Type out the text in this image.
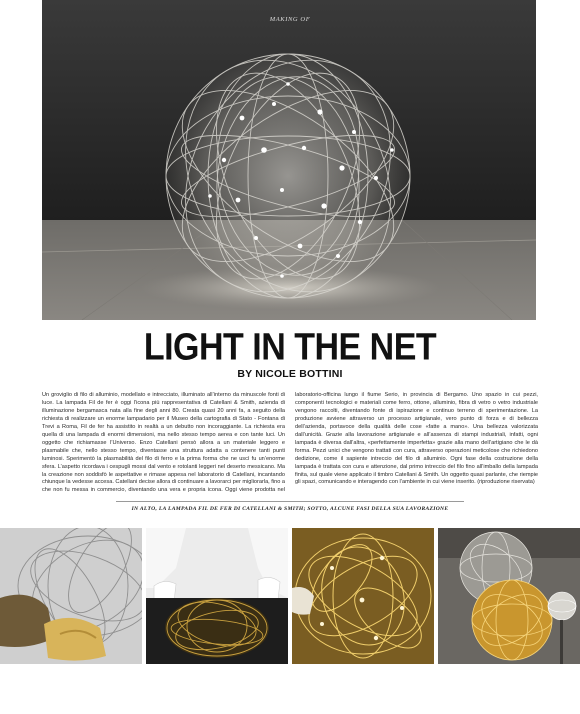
MAKING OF
LIGHT IN THE NET
BY NICOLE BOTTINI

Un groviglio di filo di alluminio, modellato e intrecciato, illuminato all’interno da minuscole fonti di luce. La lampada Fil de fer è oggi l’icona più rappresentativa di Catellani & Smith, azienda di illuminazione bergamasca nata alla fine degli anni 80. Creata quasi 20 anni fa, a seguito della richiesta di realizzare un enorme lampadario per il Museo della cartografia di Stato - Fontana di Trevi a Roma, Fil de fer ha assistito in realtà a un debutto non incoraggiante. La richiesta era quella di una lampada di enormi dimensioni, ma nello stesso tempo aerea e con tante luci. Un oggetto che richiamasse l’Universo. Enzo Catellani pensò allora a un materiale leggero e plasmabile che, nello stesso tempo, diventasse una struttura adatta a contenere tanti punti luminosi. Sperimentò la plasmabilità del filo di ferro e la prima forma che ne uscì fu un’enorme sfera. L’aspetto ricordava i cespugli mossi dal vento e rotolanti leggeri nel deserto messicano. Ma la creazione non soddisfò le aspettative e rimase appesa nel laboratorio di Catellani, incantando chiunque la vedesse accesa. Catellani decise allora di continuare a lavorarci per migliorarla, fino a che non fu messa in commercio, diventando una vera e propria icona. Oggi viene prodotta nel laboratorio-officina lungo il fiume Serio, in provincia di Bergamo. Uno spazio in cui pezzi, componenti tecnologici e materiali come ferro, ottone, alluminio, fibra di vetro o vetro industriale vengono raccolti, diventando fonte di ispirazione e continuo terreno di sperimentazione. La produzione avviene attraverso un processo artigianale, vero punto di forza e di bellezza dell’azienda, portavoce della qualità delle cose «fatte a mano». Una bellezza valorizzata dall’unicità. Grazie alla lavorazione artigianale e all’assenza di stampi industriali, infatti, ogni lampada è diversa dall’altra, «perfettamente imperfetta» grazie alla mano dell’artigiano che le dà forma. Pezzi unici che vengono trattati con cura, attraverso operazioni meticolose che richiedono dedizione, come il sapiente intreccio del filo di alluminio. Ogni fase della costruzione della lampada è trattata con cura e attenzione, dal primo intreccio del filo fino all’imballo della lampada finita, sul quale viene applicato il timbro Catellani & Smith. Un oggetto quasi parlante, che riempie gli spazi, comunicando e interagendo con l’ambiente in cui viene inserito. (riproduzione riservata)

IN ALTO, LA LAMPADA FIL DE FER DI CATELLANI & SMITH; SOTTO, ALCUNE FASI DELLA SUA LAVORAZIONE
